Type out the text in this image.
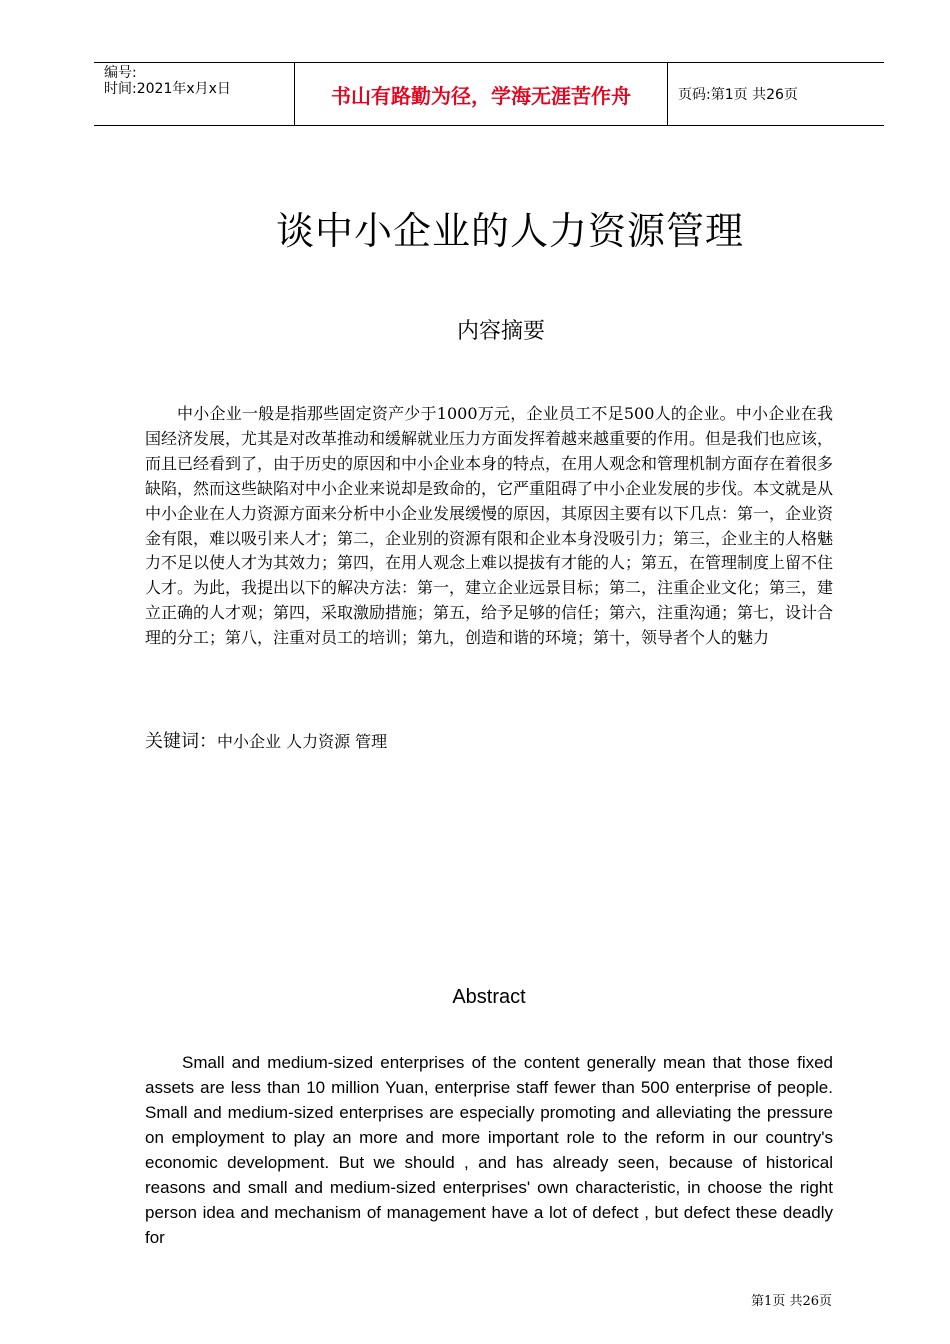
编号:
时间:2021年x月x日	书山有路勤为径，学海无涯苦作舟	页码:第1页 共26页
谈中小企业的人力资源管理
内容摘要

中小企业一般是指那些固定资产少于1000万元，企业员工不足500人的企业。中小企业在我国经济发展，尤其是对改革推动和缓解就业压力方面发挥着越来越重要的作用。但是我们也应该，而且已经看到了，由于历史的原因和中小企业本身的特点，在用人观念和管理机制方面存在着很多缺陷，然而这些缺陷对中小企业来说却是致命的，它严重阻碍了中小企业发展的步伐。本文就是从中小企业在人力资源方面来分析中小企业发展缓慢的原因，其原因主要有以下几点：第一，企业资金有限，难以吸引来人才；第二，企业别的资源有限和企业本身没吸引力；第三，企业主的人格魅力不足以使人才为其效力；第四，在用人观念上难以提拔有才能的人；第五，在管理制度上留不住人才。为此，我提出以下的解决方法：第一，建立企业远景目标；第二，注重企业文化；第三，建立正确的人才观；第四，采取激励措施；第五，给予足够的信任；第六，注重沟通；第七，设计合理的分工；第八，注重对员工的培训；第九，创造和谐的环境；第十，领导者个人的魅力

关键词：中小企业 人力资源 管理
Abstract

Small and medium-sized enterprises of the content generally mean that those fixed assets are less than 10 million Yuan, enterprise staff fewer than 500 enterprise of people. Small and medium-sized enterprises are especially promoting and alleviating the pressure on employment to play an more and more important role to the reform in our country's economic development. But we should , and has already seen, because of historical reasons and small and medium-sized enterprises' own characteristic, in choose the right person idea and mechanism of management have a lot of defect , but defect these deadly for

第1页 共26页
